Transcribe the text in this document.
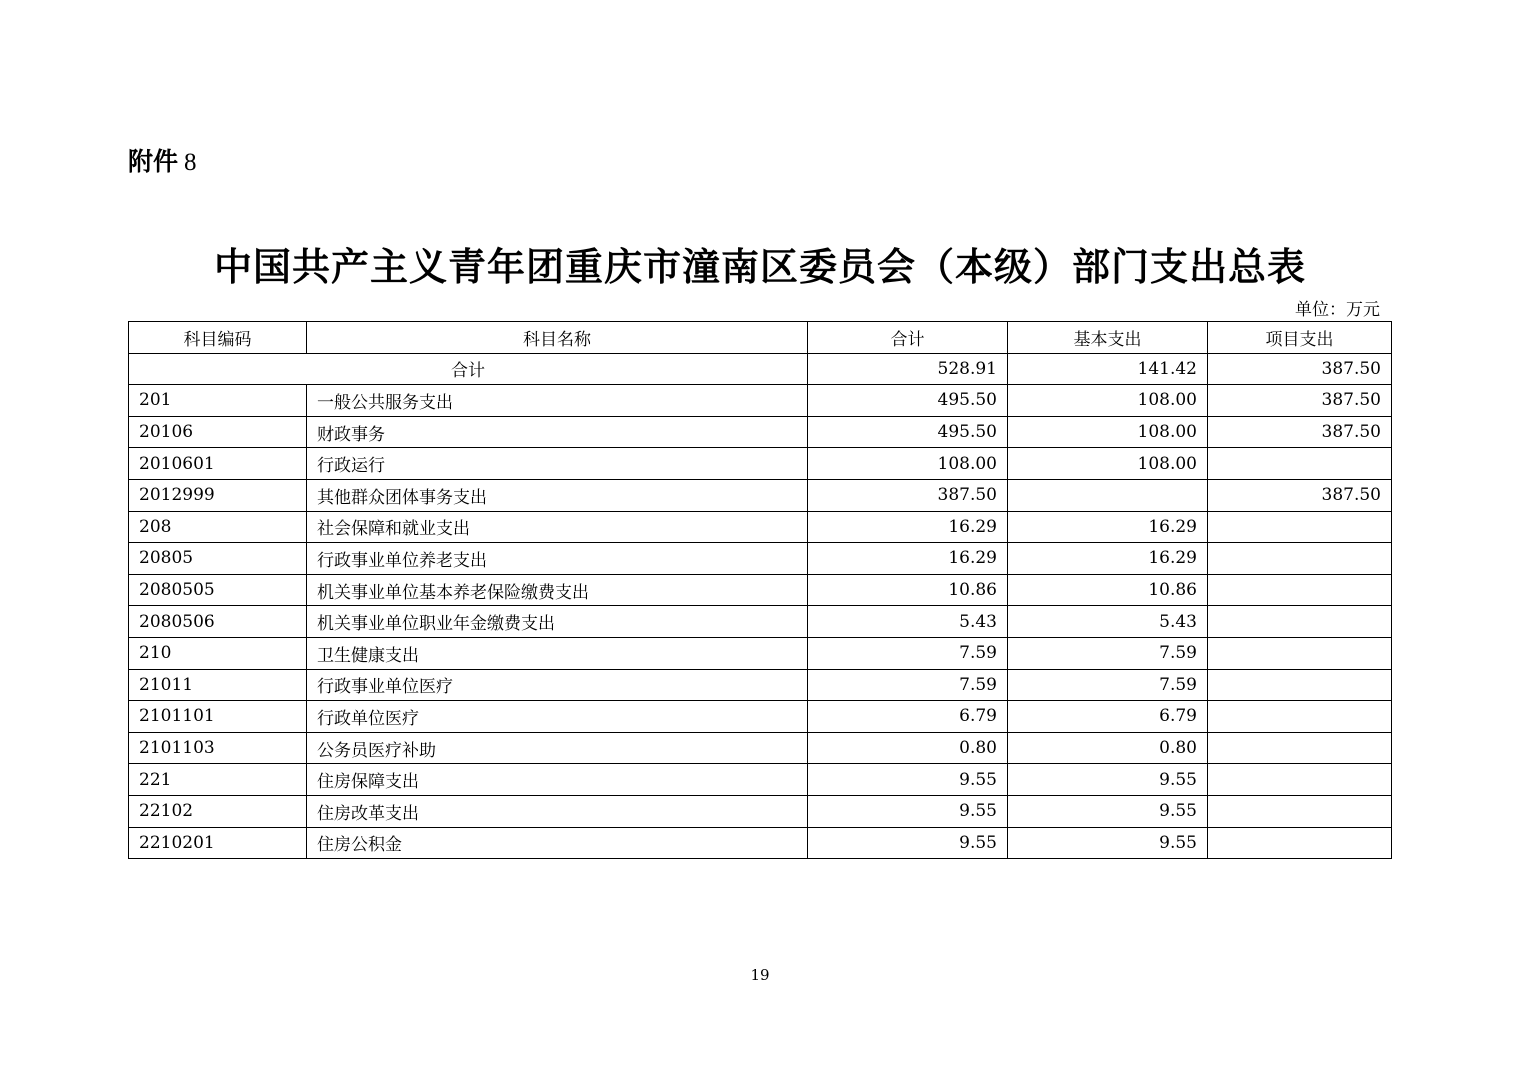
附件 8
中国共产主义青年团重庆市潼南区委员会（本级）部门支出总表
单位：万元
科目编码	科目名称	合计	基本支出	项目支出
合计		528.91	141.42	387.50
201	一般公共服务支出	495.50	108.00	387.50
20106	财政事务	495.50	108.00	387.50
2010601	行政运行	108.00	108.00	
2012999	其他群众团体事务支出	387.50		387.50
208	社会保障和就业支出	16.29	16.29	
20805	行政事业单位养老支出	16.29	16.29	
2080505	机关事业单位基本养老保险缴费支出	10.86	10.86	
2080506	机关事业单位职业年金缴费支出	5.43	5.43	
210	卫生健康支出	7.59	7.59	
21011	行政事业单位医疗	7.59	7.59	
2101101	行政单位医疗	6.79	6.79	
2101103	公务员医疗补助	0.80	0.80	
221	住房保障支出	9.55	9.55	
22102	住房改革支出	9.55	9.55	
2210201	住房公积金	9.55	9.55	
19
